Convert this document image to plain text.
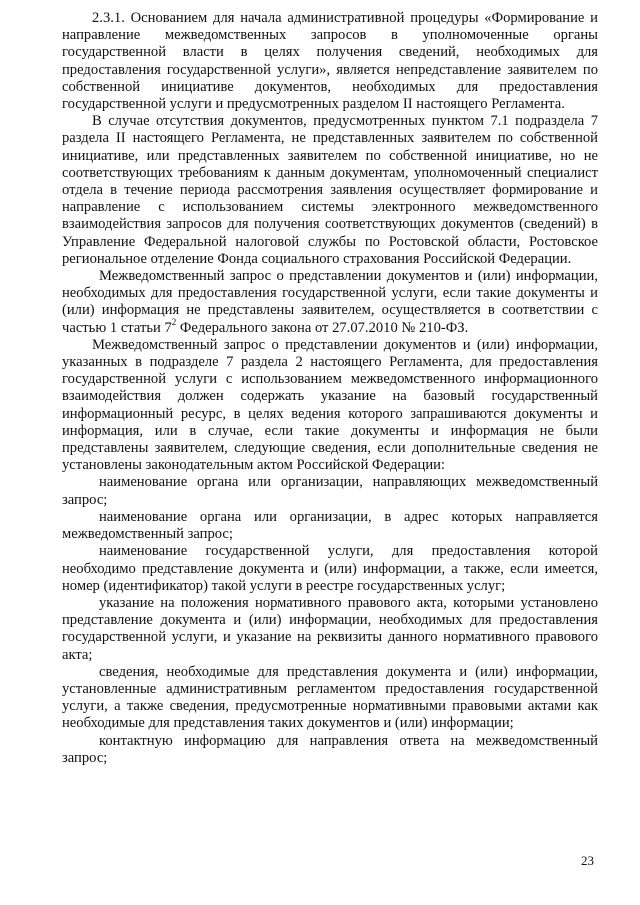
2.3.1. Основанием для начала административной процедуры «Формирование и направление межведомственных запросов в уполномоченные органы государственной власти в целях получения сведений, необходимых для предоставления государственной услуги», является непредставление заявителем по собственной инициативе документов, необходимых для предоставления государственной услуги и предусмотренных разделом II настоящего Регламента.

В случае отсутствия документов, предусмотренных пунктом 7.1 подраздела 7 раздела II настоящего Регламента, не представленных заявителем по собственной инициативе, или представленных заявителем по собственной инициативе, но не соответствующих требованиям к данным документам, уполномоченный специалист отдела в течение периода рассмотрения заявления осуществляет формирование и направление с использованием системы электронного межведомственного взаимодействия запросов для получения соответствующих документов (сведений) в Управление Федеральной налоговой службы по Ростовской области, Ростовское региональное отделение Фонда социального страхования Российской Федерации.

Межведомственный запрос о представлении документов и (или) информации, необходимых для предоставления государственной услуги, если такие документы и (или) информация не представлены заявителем, осуществляется в соответствии с частью 1 статьи $7^2$ Федерального закона от 27.07.2010 № 210-ФЗ.

Межведомственный запрос о представлении документов и (или) информации, указанных в подразделе 7 раздела 2 настоящего Регламента, для предоставления государственной услуги с использованием межведомственного информационного взаимодействия должен содержать указание на базовый государственный информационный ресурс, в целях ведения которого запрашиваются документы и информация, или в случае, если такие документы и информация не были представлены заявителем, следующие сведения, если дополнительные сведения не установлены законодательным актом Российской Федерации:

наименование органа или организации, направляющих межведомственный запрос;

наименование органа или организации, в адрес которых направляется межведомственный запрос;

наименование государственной услуги, для предоставления которой необходимо представление документа и (или) информации, а также, если имеется, номер (идентификатор) такой услуги в реестре государственных услуг;

указание на положения нормативного правового акта, которыми установлено представление документа и (или) информации, необходимых для предоставления государственной услуги, и указание на реквизиты данного нормативного правового акта;

сведения, необходимые для представления документа и (или) информации, установленные административным регламентом предоставления государственной услуги, а также сведения, предусмотренные нормативными правовыми актами как необходимые для представления таких документов и (или) информации;

контактную информацию для направления ответа на межведомственный запрос;

23
